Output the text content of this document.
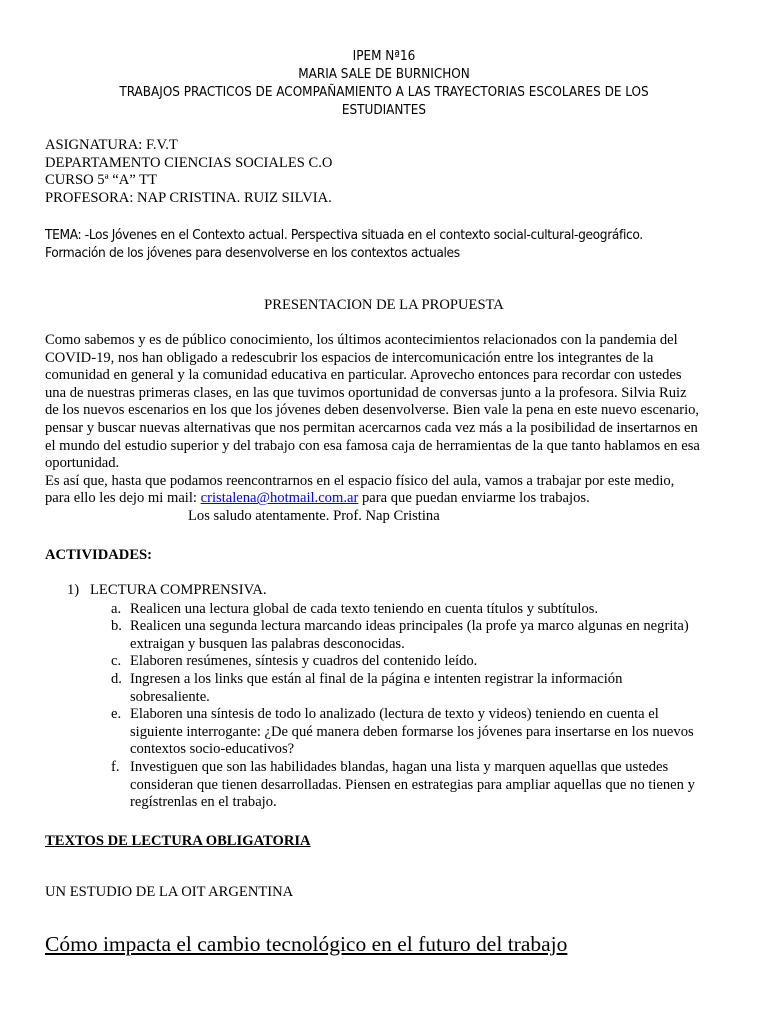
IPEM Nª16
MARIA SALE DE BURNICHON
TRABAJOS PRACTICOS DE ACOMPAÑAMIENTO A LAS TRAYECTORIAS ESCOLARES DE LOS
ESTUDIANTES
ASIGNATURA: F.V.T
DEPARTAMENTO CIENCIAS SOCIALES C.O
CURSO 5ª “A” TT
PROFESORA: NAP CRISTINA. RUIZ SILVIA.
TEMA: -Los Jóvenes en el Contexto actual. Perspectiva situada en el contexto social-cultural-geográfico.
Formación de los jóvenes para desenvolverse en los contextos actuales
PRESENTACION DE LA PROPUESTA
Como sabemos y es de público conocimiento, los últimos acontecimientos relacionados con la pandemia del
COVID-19, nos han obligado a redescubrir los espacios de intercomunicación entre los integrantes de la
comunidad en general y la comunidad educativa en particular. Aprovecho entonces para recordar con ustedes
una de nuestras primeras clases, en las que tuvimos oportunidad de conversas junto a la profesora. Silvia Ruiz
de los nuevos escenarios en los que los jóvenes deben desenvolverse. Bien vale la pena en este nuevo escenario,
pensar y buscar nuevas alternativas que nos permitan acercarnos cada vez más a la posibilidad de insertarnos en
el mundo del estudio superior y del trabajo con esa famosa caja de herramientas de la que tanto hablamos en esa
oportunidad.
Es así que, hasta que podamos reencontrarnos en el espacio físico del aula, vamos a trabajar por este medio,
para ello les dejo mi mail: cristalena@hotmail.com.ar para que puedan enviarme los trabajos.
Los saludo atentamente. Prof. Nap Cristina
ACTIVIDADES:
1) LECTURA COMPRENSIVA.
a. Realicen una lectura global de cada texto teniendo en cuenta títulos y subtítulos.
b. Realicen una segunda lectura marcando ideas principales (la profe ya marco algunas en negrita)
extraigan y busquen las palabras desconocidas.
c. Elaboren resúmenes, síntesis y cuadros del contenido leído.
d. Ingresen a los links que están al final de la página e intenten registrar la información
sobresaliente.
e. Elaboren una síntesis de todo lo analizado (lectura de texto y videos) teniendo en cuenta el
siguiente interrogante: ¿De qué manera deben formarse los jóvenes para insertarse en los nuevos
contextos socio-educativos?
f. Investiguen que son las habilidades blandas, hagan una lista y marquen aquellas que ustedes
consideran que tienen desarrolladas. Piensen en estrategias para ampliar aquellas que no tienen y
regístrenlas en el trabajo.
TEXTOS DE LECTURA OBLIGATORIA
UN ESTUDIO DE LA OIT ARGENTINA
Cómo impacta el cambio tecnológico en el futuro del trabajo
